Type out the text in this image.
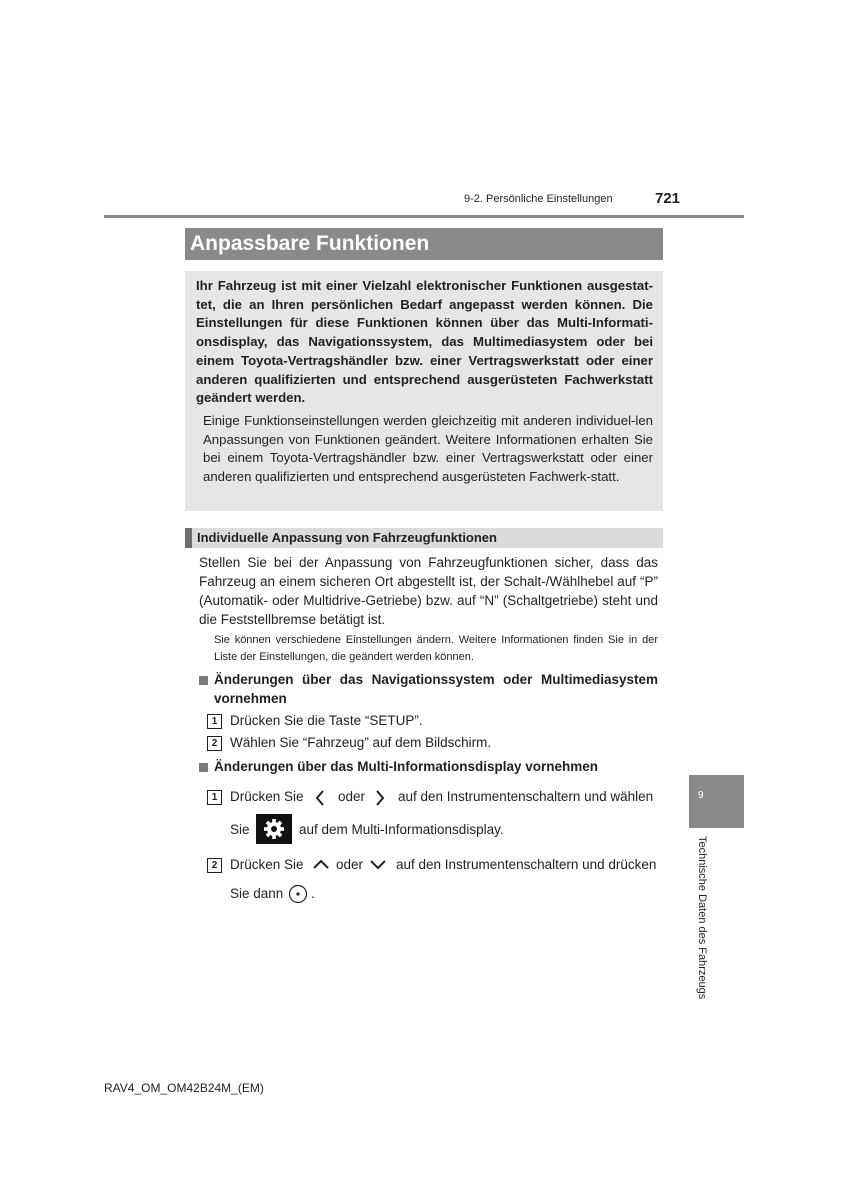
9-2. Persönliche Einstellungen	721
Anpassbare Funktionen
Ihr Fahrzeug ist mit einer Vielzahl elektronischer Funktionen ausgestat-tet, die an Ihren persönlichen Bedarf angepasst werden können. Die Einstellungen für diese Funktionen können über das Multi-Informati-onsdisplay, das Navigationssystem, das Multimediasystem oder bei einem Toyota-Vertragshändler bzw. einer Vertragswerkstatt oder einer anderen qualifizierten und entsprechend ausgerüsteten Fachwerkstatt geändert werden.
Einige Funktionseinstellungen werden gleichzeitig mit anderen individuel-len Anpassungen von Funktionen geändert. Weitere Informationen erhalten Sie bei einem Toyota-Vertragshändler bzw. einer Vertragswerkstatt oder einer anderen qualifizierten und entsprechend ausgerüsteten Fachwerk-statt.
Individuelle Anpassung von Fahrzeugfunktionen
Stellen Sie bei der Anpassung von Fahrzeugfunktionen sicher, dass das Fahrzeug an einem sicheren Ort abgestellt ist, der Schalt-/Wählhebel auf “P” (Automatik- oder Multidrive-Getriebe) bzw. auf “N” (Schaltgetriebe) steht und die Feststellbremse betätigt ist.
Sie können verschiedene Einstellungen ändern. Weitere Informationen finden Sie in der Liste der Einstellungen, die geändert werden können.
Änderungen über das Navigationssystem oder Multimediasystem vornehmen
1 Drücken Sie die Taste “SETUP”.
2 Wählen Sie “Fahrzeug” auf dem Bildschirm.
Änderungen über das Multi-Informationsdisplay vornehmen
1 Drücken Sie	oder auf den Instrumentenschaltern und wählen
Sie	auf dem Multi-Informationsdisplay.
2 Drücken Sie oder auf den Instrumentenschaltern und drücken
Sie dann .
9
Technische Daten des Fahrzeugs
RAV4_OM_OM42B24M_(EM)
